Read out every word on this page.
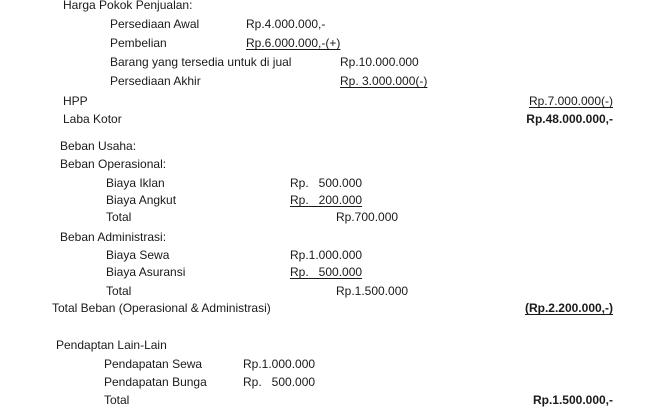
Harga Pokok Penjualan:
Persediaan Awal	Rp.4.000.000,-
Pembelian	Rp.6.000.000,-(+)
Barang yang tersedia untuk di jual	Rp.10.000.000
Persediaan Akhir	Rp. 3.000.000(-)
HPP	Rp.7.000.000(-)
Laba Kotor	Rp.48.000.000,-
Beban Usaha:
Beban Operasional:
Biaya Iklan	Rp.   500.000
Biaya Angkut	Rp.   200.000
Total	Rp.700.000
Beban Administrasi:
Biaya Sewa	Rp.1.000.000
Biaya Asuransi	Rp.   500.000
Total	Rp.1.500.000
Total Beban (Operasional & Administrasi)	(Rp.2.200.000,-)
Pendaptan Lain-Lain
Pendapatan Sewa	Rp.1.000.000
Pendapatan Bunga	Rp.   500.000
Total	Rp.1.500.000,-
